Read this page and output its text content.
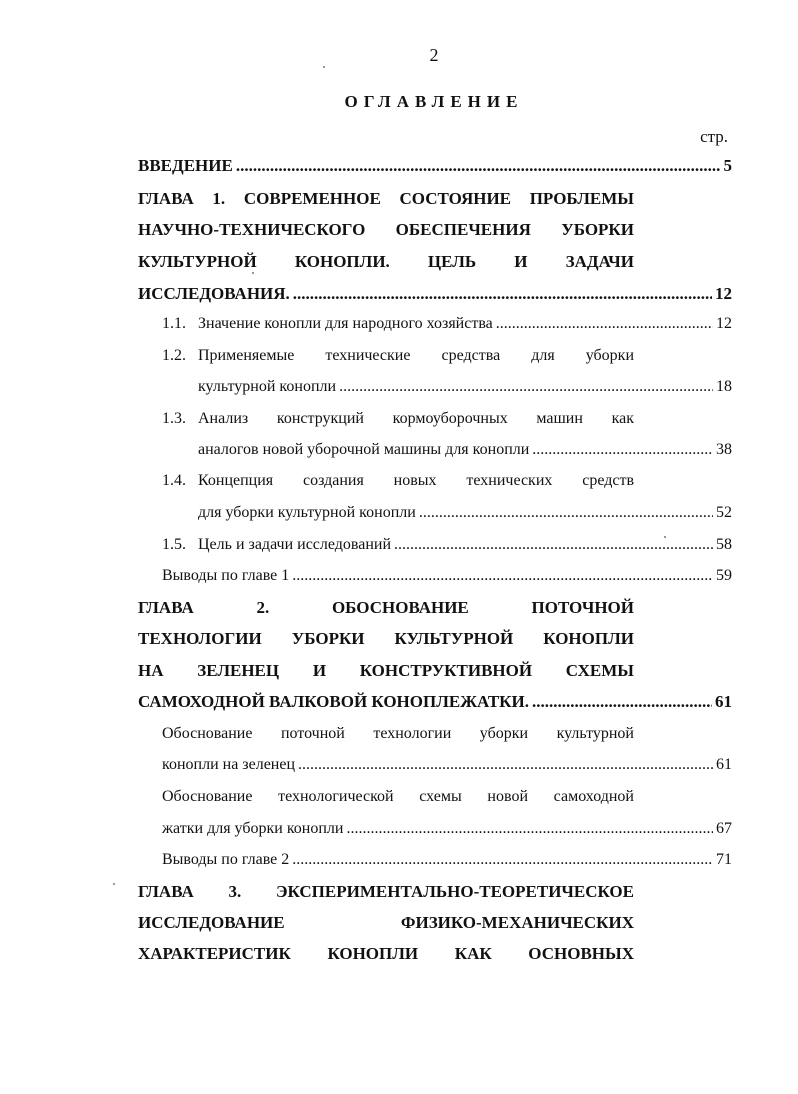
2
ОГЛАВЛЕНИЕ
стр.
ВВЕДЕНИЕ .....	5
ГЛАВА 1. СОВРЕМЕННОЕ СОСТОЯНИЕ ПРОБЛЕМЫ
НАУЧНО-ТЕХНИЧЕСКОГО ОБЕСПЕЧЕНИЯ УБОРКИ
КУЛЬТУРНОЙ КОНОПЛИ. ЦЕЛЬ И ЗАДАЧИ
ИССЛЕДОВАНИЯ. .....	12
1.1. Значение конопли для народного хозяйства .....	12
1.2. Применяемые технические средства для уборки
культурной конопли .....	18
1.3. Анализ конструкций кормоуборочных машин как
аналогов новой уборочной машины для конопли .....	38
1.4. Концепция создания новых технических средств
для уборки культурной конопли .....	52
1.5. Цель и задачи исследований .....	58
Выводы по главе 1 .....	59
ГЛАВА 2. ОБОСНОВАНИЕ ПОТОЧНОЙ
ТЕХНОЛОГИИ УБОРКИ КУЛЬТУРНОЙ КОНОПЛИ
НА ЗЕЛЕНЕЦ И КОНСТРУКТИВНОЙ СХЕМЫ
САМОХОДНОЙ ВАЛКОВОЙ КОНОПЛЕЖАТКИ. .....	61
Обоснование поточной технологии уборки культурной
конопли на зеленец .....	61
Обоснование технологической схемы новой самоходной
жатки для уборки конопли .....	67
Выводы по главе 2 .....	71
ГЛАВА 3. ЭКСПЕРИМЕНТАЛЬНО-ТЕОРЕТИЧЕСКОЕ
ИССЛЕДОВАНИЕ ФИЗИКО-МЕХАНИЧЕСКИХ
ХАРАКТЕРИСТИК КОНОПЛИ КАК ОСНОВНЫХ
